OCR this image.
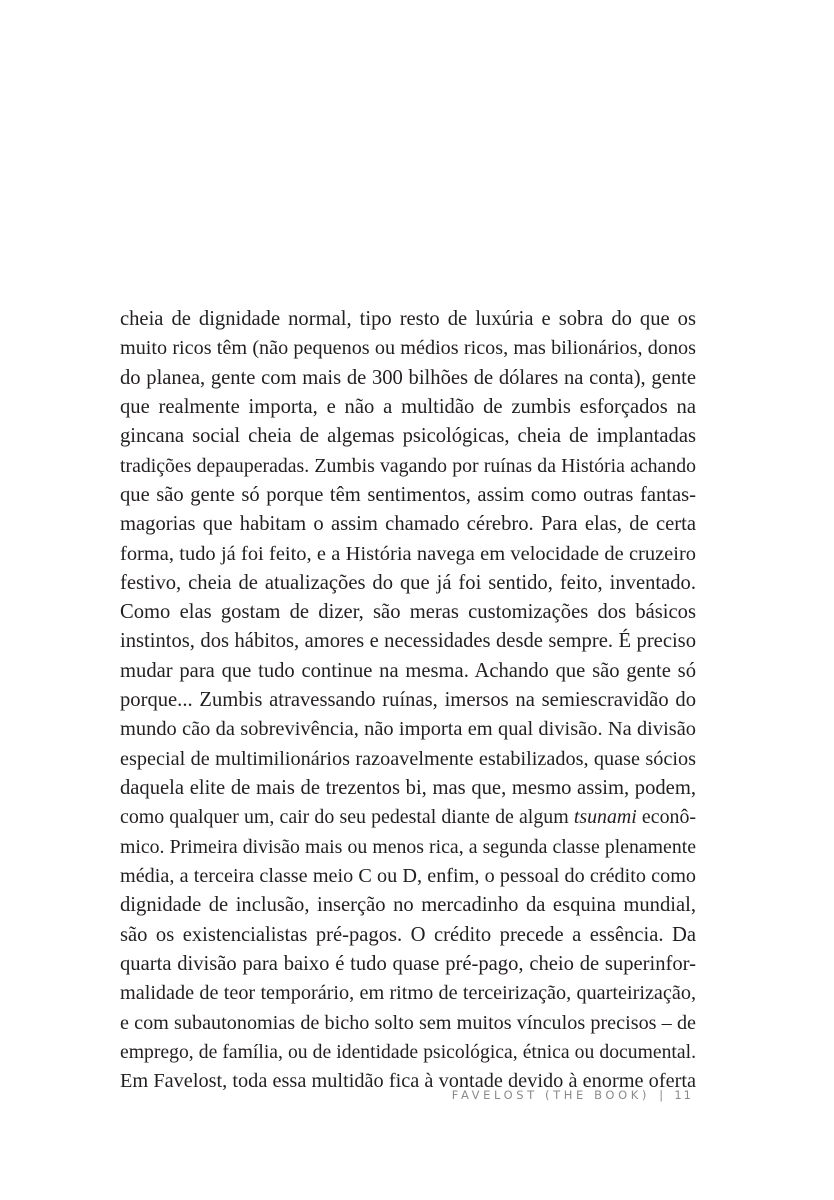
cheia de dignidade normal, tipo resto de luxúria e sobra do que os
muito ricos têm (não pequenos ou médios ricos, mas bilionários, donos
do planea, gente com mais de 300 bilhões de dólares na conta), gente
que realmente importa, e não a multidão de zumbis esforçados na
gincana social cheia de algemas psicológicas, cheia de implantadas
tradições depauperadas. Zumbis vagando por ruínas da História achando
que são gente só porque têm sentimentos, assim como outras fantas-
magorias que habitam o assim chamado cérebro. Para elas, de certa
forma, tudo já foi feito, e a História navega em velocidade de cruzeiro
festivo, cheia de atualizações do que já foi sentido, feito, inventado.
Como elas gostam de dizer, são meras customizações dos básicos
instintos, dos hábitos, amores e necessidades desde sempre. É preciso
mudar para que tudo continue na mesma. Achando que são gente só
porque... Zumbis atravessando ruínas, imersos na semiescravidão do
mundo cão da sobrevivência, não importa em qual divisão. Na divisão
especial de multimilionários razoavelmente estabilizados, quase sócios
daquela elite de mais de trezentos bi, mas que, mesmo assim, podem,
como qualquer um, cair do seu pedestal diante de algum tsunami econô-
mico. Primeira divisão mais ou menos rica, a segunda classe plenamente
média, a terceira classe meio C ou D, enfim, o pessoal do crédito como
dignidade de inclusão, inserção no mercadinho da esquina mundial,
são os existencialistas pré-pagos. O crédito precede a essência. Da
quarta divisão para baixo é tudo quase pré-pago, cheio de superinfor-
malidade de teor temporário, em ritmo de terceirização, quarteirização,
e com subautonomias de bicho solto sem muitos vínculos precisos – de
emprego, de família, ou de identidade psicológica, étnica ou documental.
Em Favelost, toda essa multidão fica à vontade devido à enorme oferta
FAVELOST (THE BOOK) | 11
